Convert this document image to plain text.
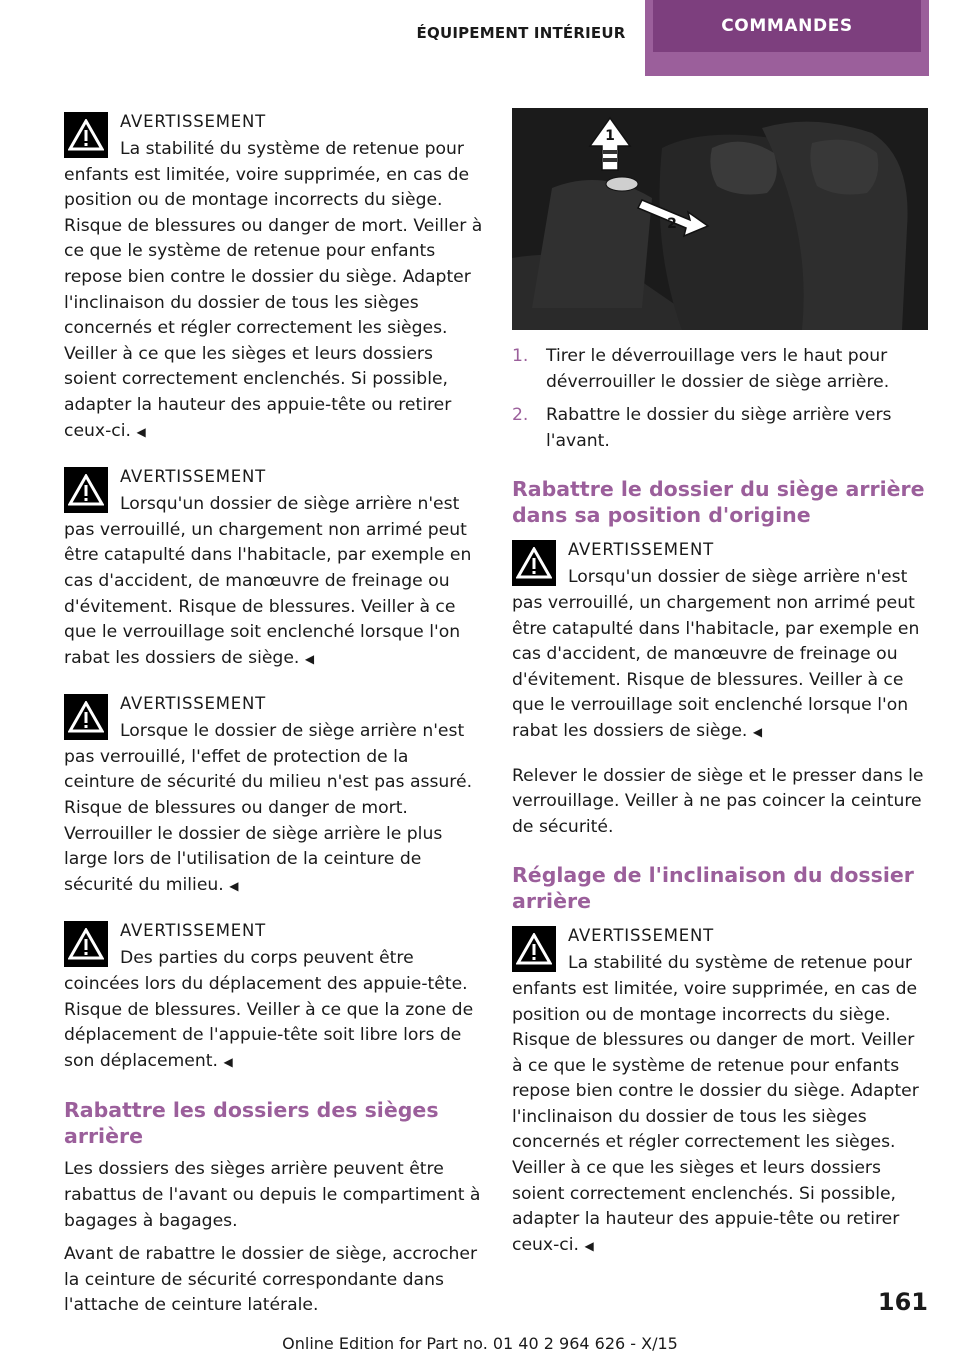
ÉQUIPEMENT INTÉRIEUR	COMMANDES
AVERTISSEMENT

La stabilité du système de retenue pour enfants est limitée, voire supprimée, en cas de position ou de montage incorrects du siège. Risque de blessures ou danger de mort. Veiller à ce que le système de retenue pour enfants repose bien contre le dossier du siège. Adapter l'inclinaison du dossier de tous les sièges concernés et régler correctement les sièges. Veiller à ce que les sièges et leurs dossiers soient correctement enclenchés. Si possible, adapter la hauteur des appuie-tête ou retirer ceux-ci. ◀

AVERTISSEMENT

Lorsqu'un dossier de siège arrière n'est pas verrouillé, un chargement non arrimé peut être catapulté dans l'habitacle, par exemple en cas d'accident, de manœuvre de freinage ou d'évitement. Risque de blessures. Veiller à ce que le verrouillage soit enclenché lorsque l'on rabat les dossiers de siège. ◀

AVERTISSEMENT

Lorsque le dossier de siège arrière n'est pas verrouillé, l'effet de protection de la ceinture de sécurité du milieu n'est pas assuré. Risque de blessures ou danger de mort. Verrouiller le dossier de siège arrière le plus large lors de l'utilisation de la ceinture de sécurité du milieu. ◀

AVERTISSEMENT

Des parties du corps peuvent être coincées lors du déplacement des appuie-tête. Risque de blessures. Veiller à ce que la zone de déplacement de l'appuie-tête soit libre lors de son déplacement. ◀

Rabattre les dossiers des sièges arrière

Les dossiers des sièges arrière peuvent être rabattus de l'avant ou depuis le compartiment à bagages à bagages.

Avant de rabattre le dossier de siège, accrocher la ceinture de sécurité correspondante dans l'attache de ceinture latérale.

1
2
1. Tirer le déverrouillage vers le haut pour déverrouiller le dossier de siège arrière.
2. Rabattre le dossier du siège arrière vers l'avant.
Rabattre le dossier du siège arrière dans sa position d'origine
AVERTISSEMENT

Lorsqu'un dossier de siège arrière n'est pas verrouillé, un chargement non arrimé peut être catapulté dans l'habitacle, par exemple en cas d'accident, de manœuvre de freinage ou d'évitement. Risque de blessures. Veiller à ce que le verrouillage soit enclenché lorsque l'on rabat les dossiers de siège. ◀

Relever le dossier de siège et le presser dans le verrouillage. Veiller à ne pas coincer la ceinture de sécurité.

Réglage de l'inclinaison du dossier arrière
AVERTISSEMENT

La stabilité du système de retenue pour enfants est limitée, voire supprimée, en cas de position ou de montage incorrects du siège. Risque de blessures ou danger de mort. Veiller à ce que le système de retenue pour enfants repose bien contre le dossier du siège. Adapter l'inclinaison du dossier de tous les sièges concernés et régler correctement les sièges. Veiller à ce que les sièges et leurs dossiers soient correctement enclenchés. Si possible, adapter la hauteur des appuie-tête ou retirer ceux-ci. ◀

161
Online Edition for Part no. 01 40 2 964 626 - X/15
